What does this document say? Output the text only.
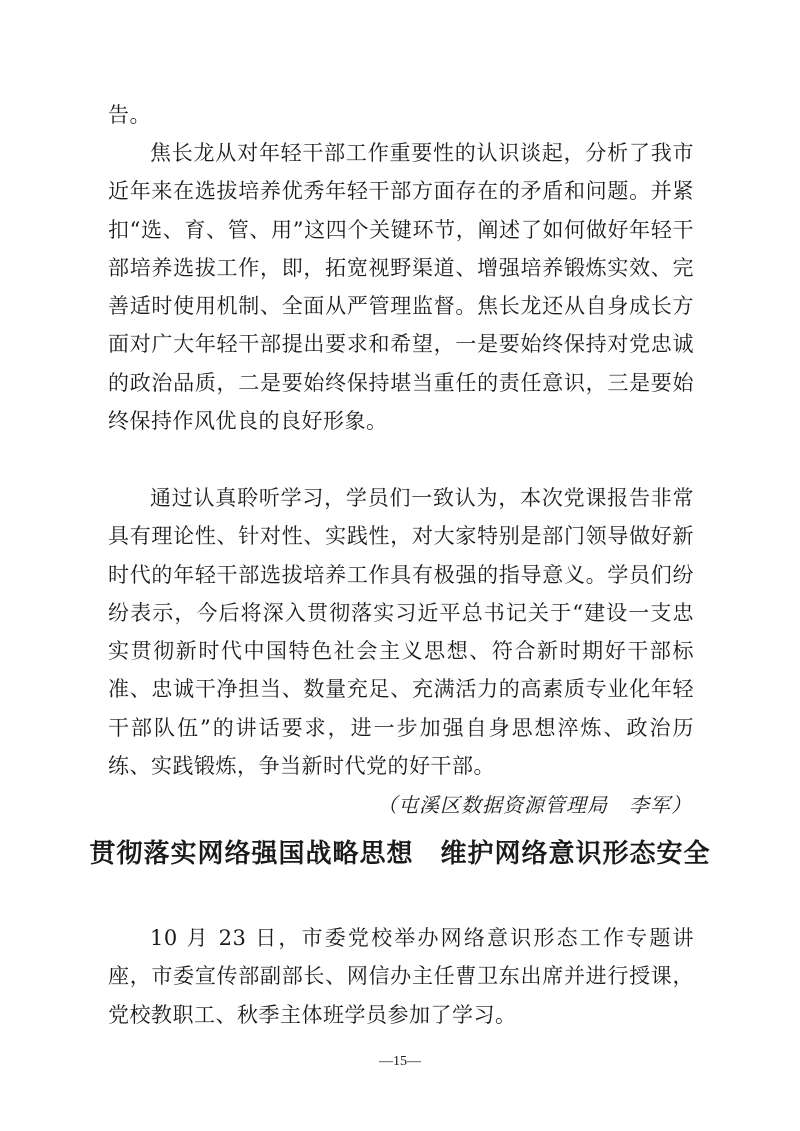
告。

焦长龙从对年轻干部工作重要性的认识谈起，分析了我市近年来在选拔培养优秀年轻干部方面存在的矛盾和问题。并紧扣“选、育、管、用”这四个关键环节，阐述了如何做好年轻干部培养选拔工作，即，拓宽视野渠道、增强培养锻炼实效、完善适时使用机制、全面从严管理监督。焦长龙还从自身成长方面对广大年轻干部提出要求和希望，一是要始终保持对党忠诚的政治品质，二是要始终保持堪当重任的责任意识，三是要始终保持作风优良的良好形象。

通过认真聆听学习，学员们一致认为，本次党课报告非常具有理论性、针对性、实践性，对大家特别是部门领导做好新时代的年轻干部选拔培养工作具有极强的指导意义。学员们纷纷表示，今后将深入贯彻落实习近平总书记关于“建设一支忠实贯彻新时代中国特色社会主义思想、符合新时期好干部标准、忠诚干净担当、数量充足、充满活力的高素质专业化年轻干部队伍”的讲话要求，进一步加强自身思想淬炼、政治历练、实践锻炼，争当新时代党的好干部。

（屯溪区数据资源管理局　李军）
贯彻落实网络强国战略思想　维护网络意识形态安全

10 月 23 日，市委党校举办网络意识形态工作专题讲座，市委宣传部副部长、网信办主任曹卫东出席并进行授课，党校教职工、秋季主体班学员参加了学习。

—15—
